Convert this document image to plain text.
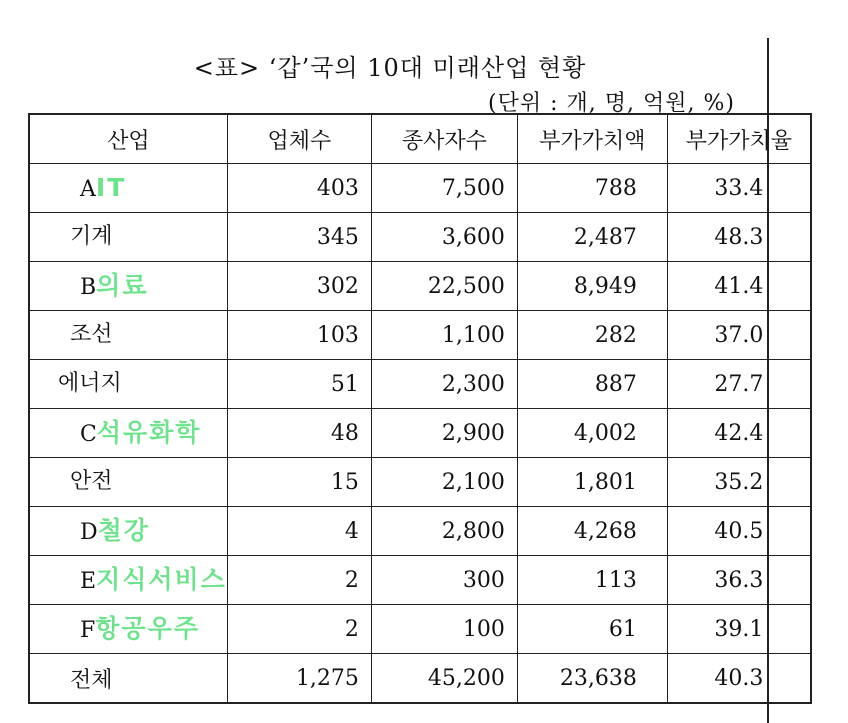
<표> ‘갑’국의 10대 미래산업 현황
(단위 : 개, 명, 억원, %)
산업	업체수	종사자수	부가가치액	부가가치율

AIT	403	7,500	788	33.4

기계	345	3,600	2,487	48.3

B의료	302	22,500	8,949	41.4

조선	103	1,100	282	37.0

에너지	51	2,300	887	27.7

C석유화학	48	2,900	4,002	42.4

안전	15	2,100	1,801	35.2

D철강	4	2,800	4,268	40.5

E지식서비스	2	300	113	36.3

F항공우주	2	100	61	39.1
전체	1,275	45,200	23,638	40.3
